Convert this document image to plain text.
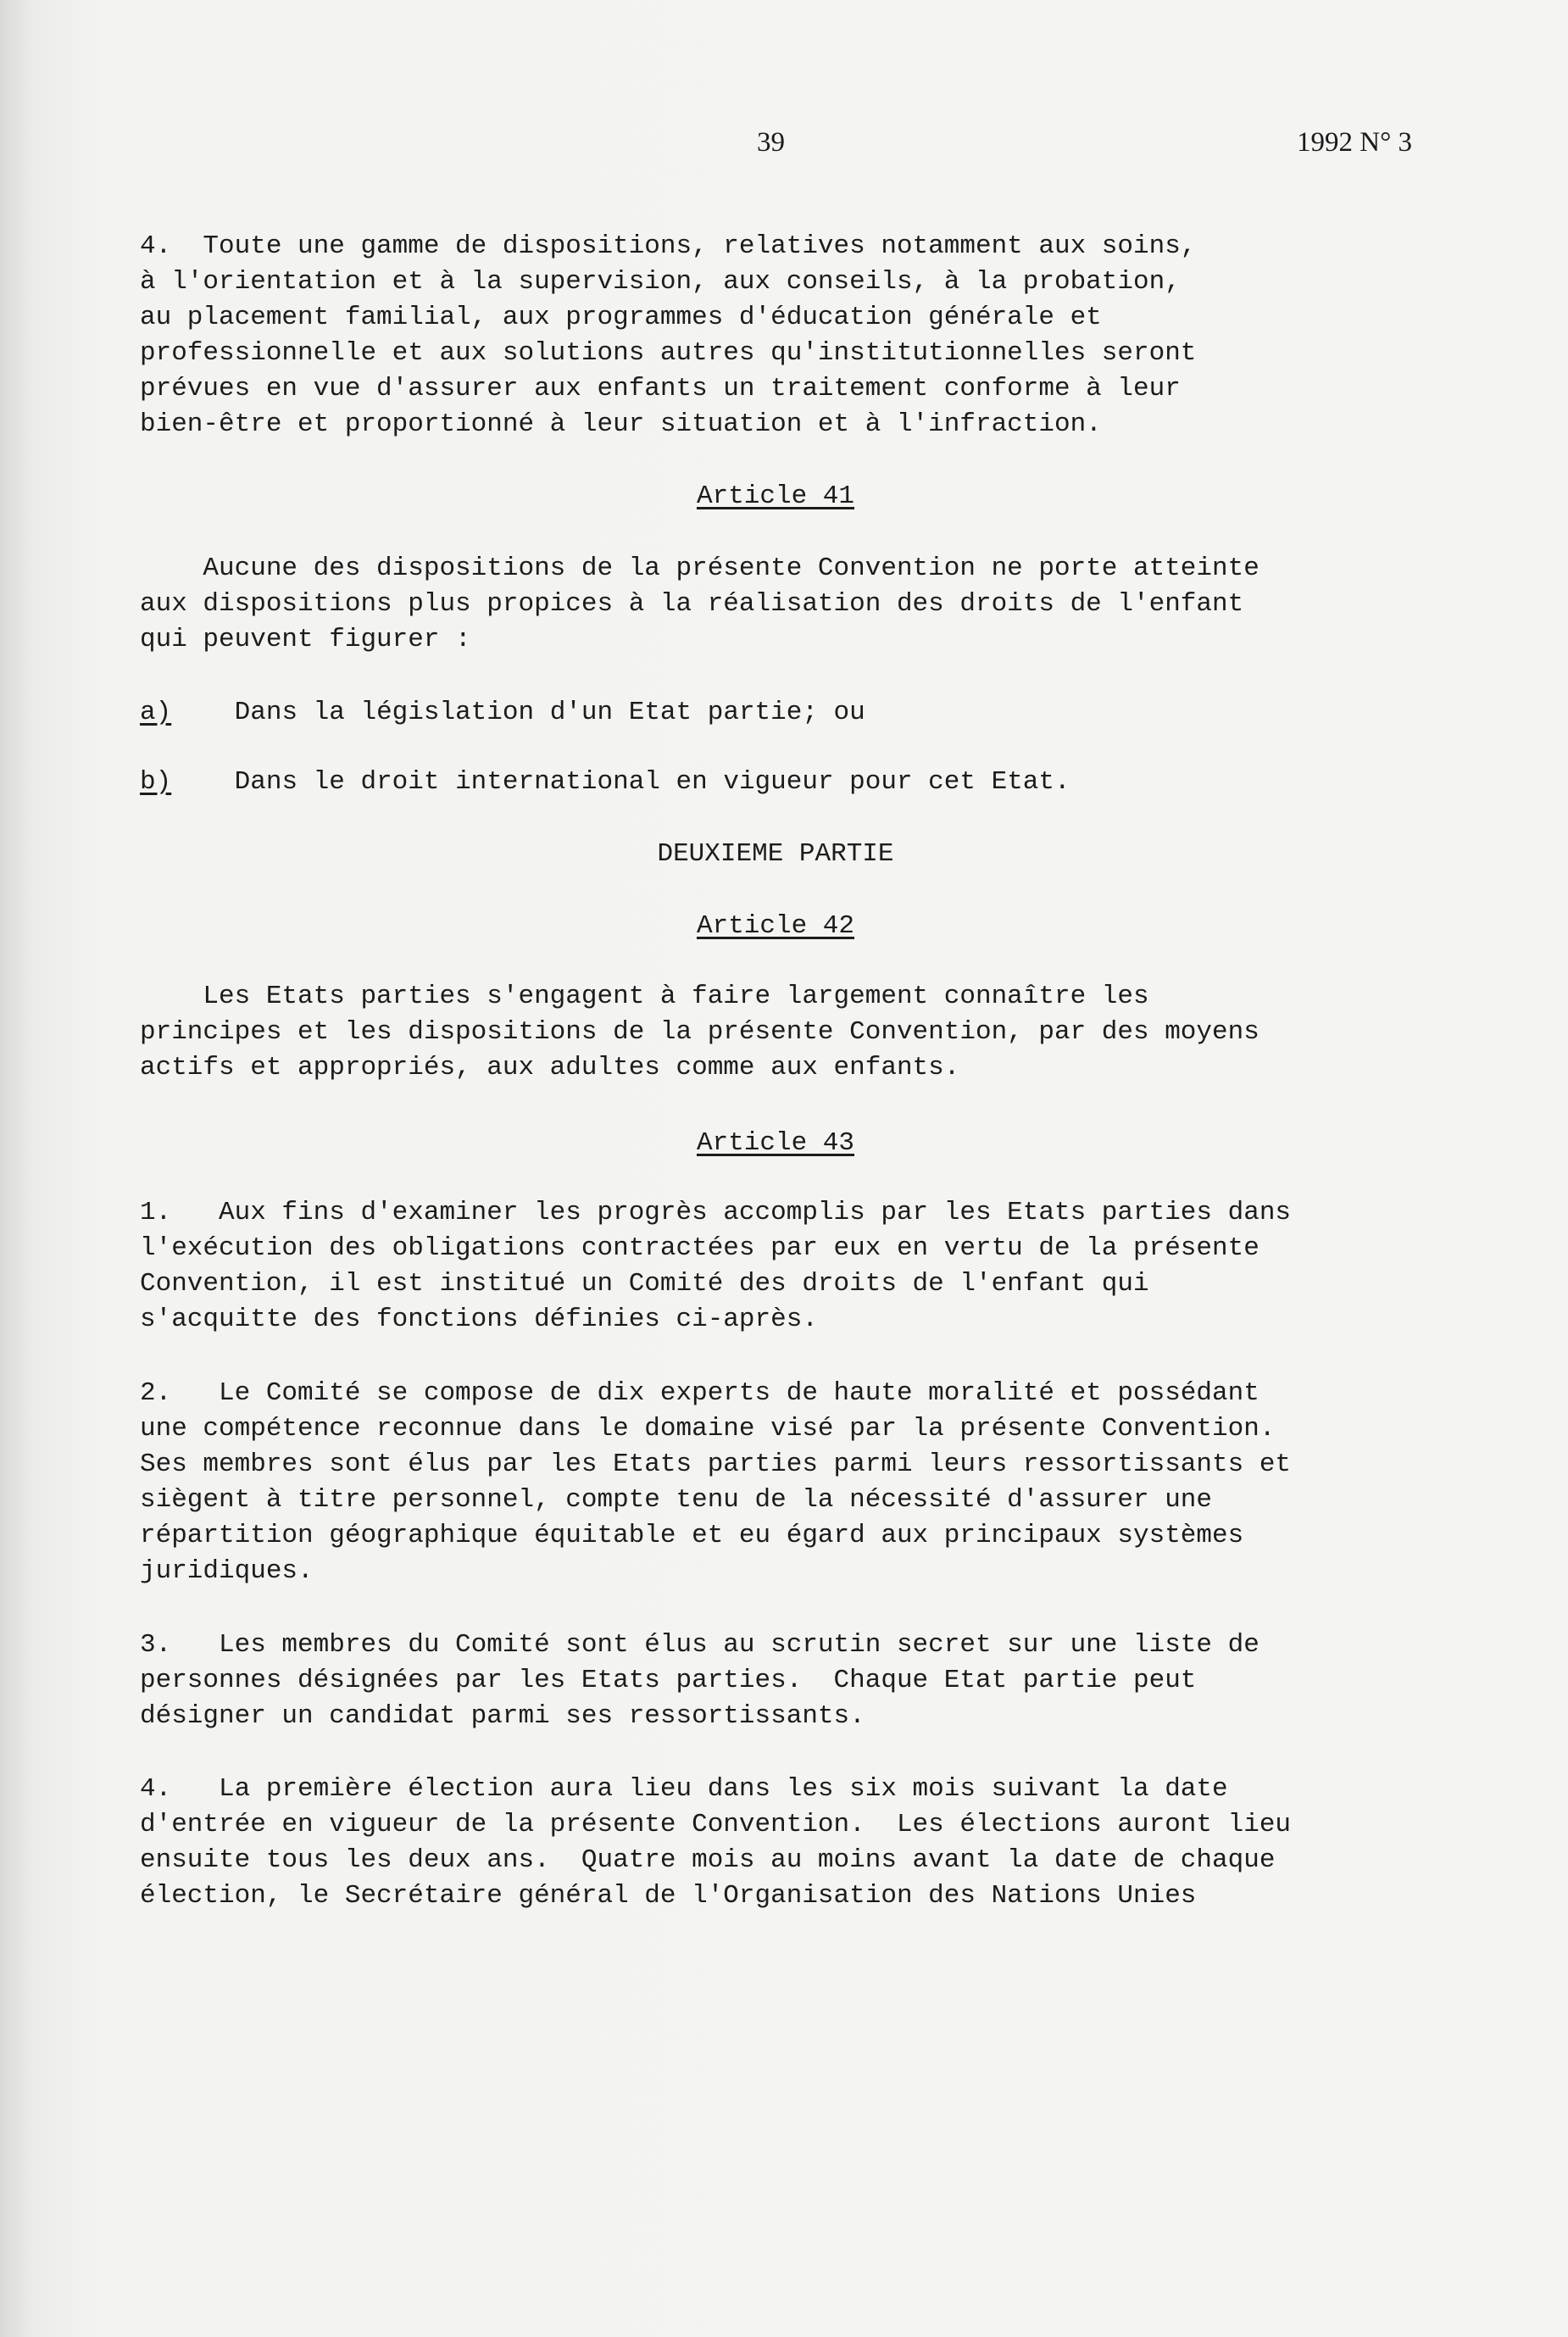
39	1992 N° 3
4.  Toute une gamme de dispositions, relatives notamment aux soins,
à l'orientation et à la supervision, aux conseils, à la probation,
au placement familial, aux programmes d'éducation générale et
professionnelle et aux solutions autres qu'institutionnelles seront
prévues en vue d'assurer aux enfants un traitement conforme à leur
bien-être et proportionné à leur situation et à l'infraction.
Article 41
Aucune des dispositions de la présente Convention ne porte atteinte
aux dispositions plus propices à la réalisation des droits de l'enfant
qui peuvent figurer :
a) Dans la législation d'un Etat partie; ou
b) Dans le droit international en vigueur pour cet Etat.
DEUXIEME PARTIE
Article 42
Les Etats parties s'engagent à faire largement connaître les
principes et les dispositions de la présente Convention, par des moyens
actifs et appropriés, aux adultes comme aux enfants.
Article 43
1.   Aux fins d'examiner les progrès accomplis par les Etats parties dans
l'exécution des obligations contractées par eux en vertu de la présente
Convention, il est institué un Comité des droits de l'enfant qui
s'acquitte des fonctions définies ci-après.
2.   Le Comité se compose de dix experts de haute moralité et possédant
une compétence reconnue dans le domaine visé par la présente Convention.
Ses membres sont élus par les Etats parties parmi leurs ressortissants et
siègent à titre personnel, compte tenu de la nécessité d'assurer une
répartition géographique équitable et eu égard aux principaux systèmes
juridiques.
3.   Les membres du Comité sont élus au scrutin secret sur une liste de
personnes désignées par les Etats parties.  Chaque Etat partie peut
désigner un candidat parmi ses ressortissants.
4.   La première élection aura lieu dans les six mois suivant la date
d'entrée en vigueur de la présente Convention.  Les élections auront lieu
ensuite tous les deux ans.  Quatre mois au moins avant la date de chaque
élection, le Secrétaire général de l'Organisation des Nations Unies
